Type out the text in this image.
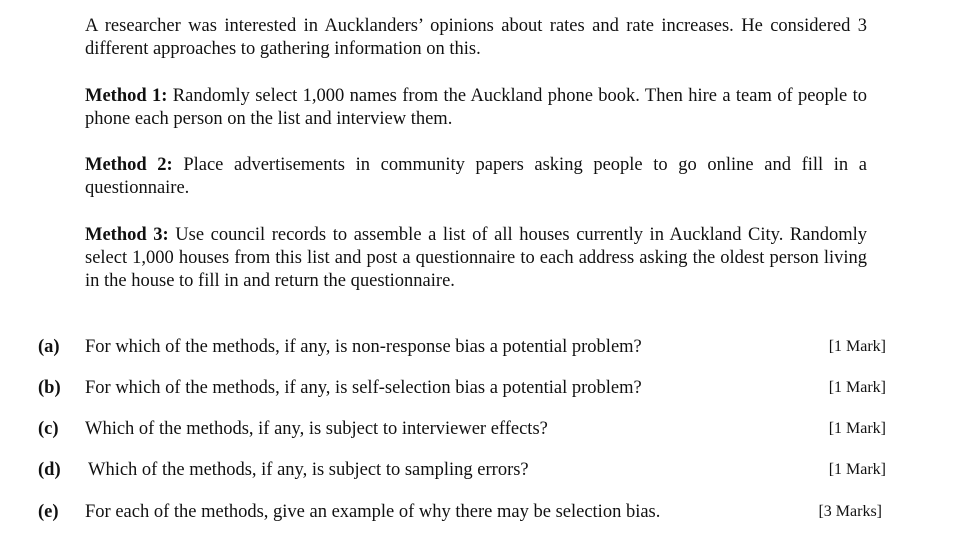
A researcher was interested in Aucklanders’ opinions about rates and rate increases. He considered 3 different approaches to gathering information on this.

Method 1: Randomly select 1,000 names from the Auckland phone book. Then hire a team of people to phone each person on the list and interview them.

Method 2: Place advertisements in community papers asking people to go online and fill in a questionnaire.

Method 3: Use council records to assemble a list of all houses currently in Auckland City. Randomly select 1,000 houses from this list and post a questionnaire to each address asking the oldest person living in the house to fill in and return the questionnaire.

(a) For which of the methods, if any, is non-response bias a potential problem?	[1 Mark]
(b) For which of the methods, if any, is self-selection bias a potential problem?	[1 Mark]
(c) Which of the methods, if any, is subject to interviewer effects?	[1 Mark]
(d) Which of the methods, if any, is subject to sampling errors?	[1 Mark]
(e) For each of the methods, give an example of why there may be selection bias.	[3 Marks]
